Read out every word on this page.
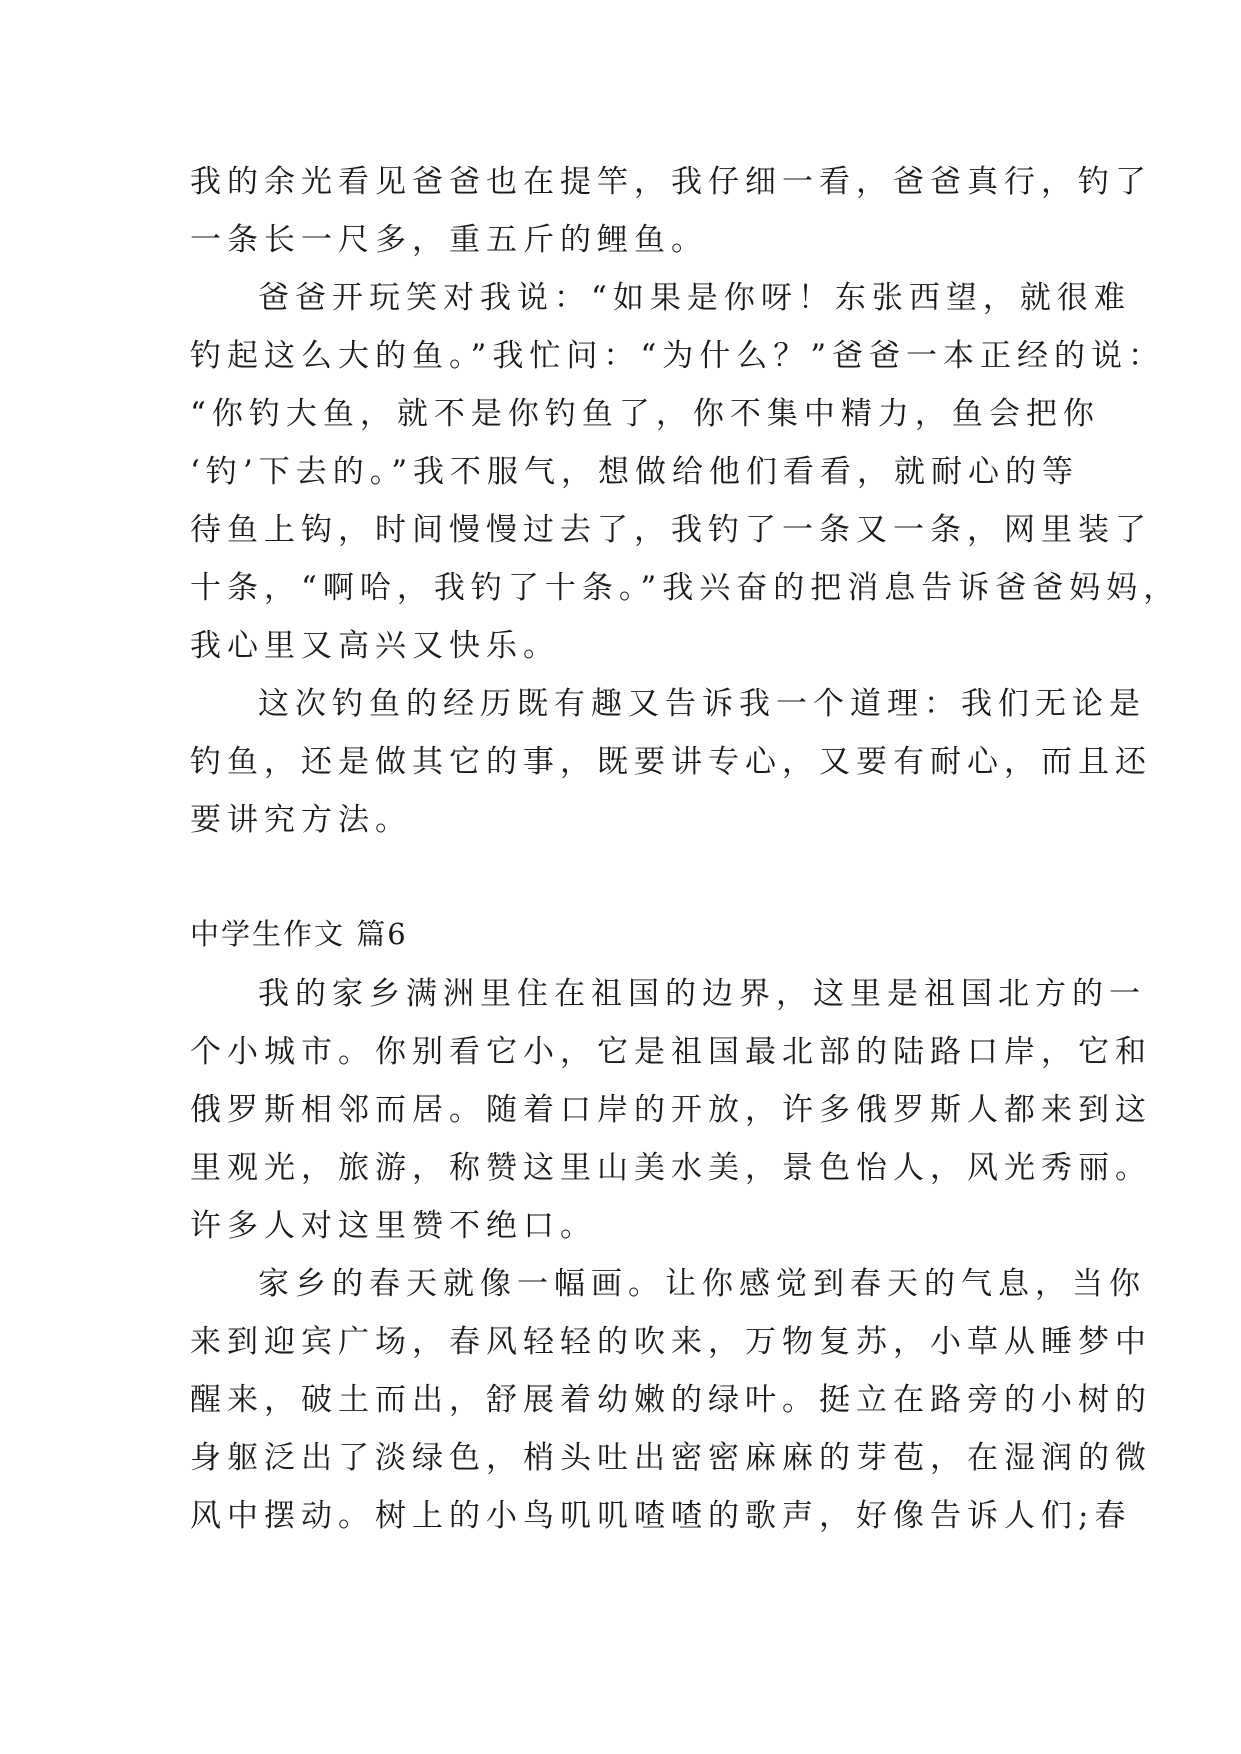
我的余光看见爸爸也在提竿，我仔细一看，爸爸真行，钓了
一条长一尺多，重五斤的鲤鱼。
爸爸开玩笑对我说：“如果是你呀！东张西望，就很难
钓起这么大的鱼。”我忙问：“为什么？”爸爸一本正经的说：
“你钓大鱼，就不是你钓鱼了，你不集中精力，鱼会把你
‘钓’下去的。”我不服气，想做给他们看看，就耐心的等
待鱼上钩，时间慢慢过去了，我钓了一条又一条，网里装了
十条，“啊哈，我钓了十条。”我兴奋的把消息告诉爸爸妈妈，
我心里又高兴又快乐。
这次钓鱼的经历既有趣又告诉我一个道理：我们无论是
钓鱼，还是做其它的事，既要讲专心，又要有耐心，而且还
要讲究方法。
中学生作文 篇6
我的家乡满洲里住在祖国的边界，这里是祖国北方的一
个小城市。你别看它小，它是祖国最北部的陆路口岸，它和
俄罗斯相邻而居。随着口岸的开放，许多俄罗斯人都来到这
里观光，旅游，称赞这里山美水美，景色怡人，风光秀丽。
许多人对这里赞不绝口。
家乡的春天就像一幅画。让你感觉到春天的气息，当你
来到迎宾广场，春风轻轻的吹来，万物复苏，小草从睡梦中
醒来，破土而出，舒展着幼嫩的绿叶。挺立在路旁的小树的
身躯泛出了淡绿色，梢头吐出密密麻麻的芽苞，在湿润的微
风中摆动。树上的小鸟叽叽喳喳的歌声，好像告诉人们;春
